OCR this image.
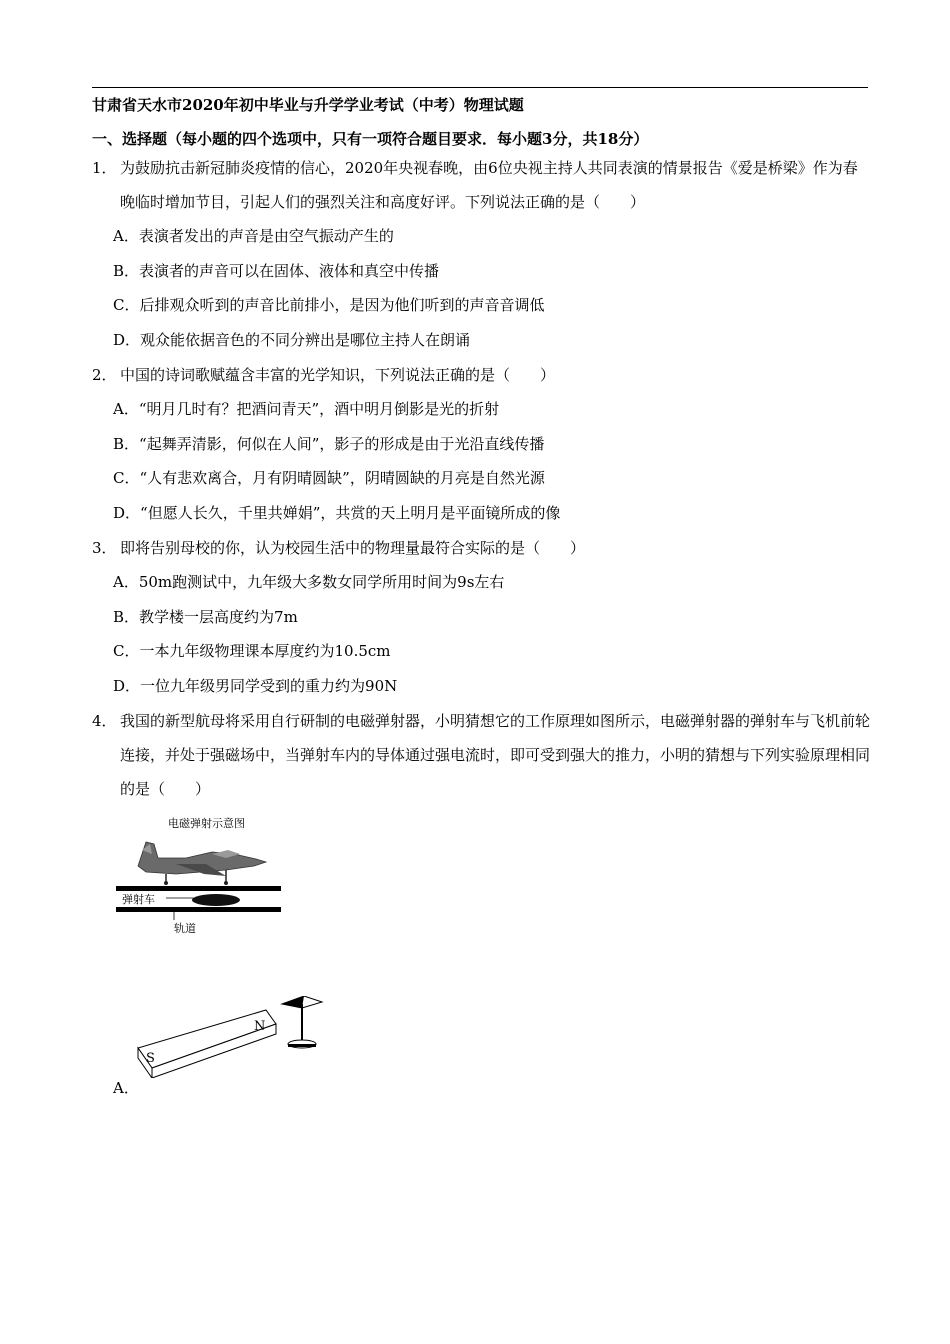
甘肃省天水市2020年初中毕业与升学学业考试（中考）物理试题
一、选择题（每小题的四个选项中，只有一项符合题目要求．每小题3分，共18分）
1． 为鼓励抗击新冠肺炎疫情的信心，2020年央视春晚，由6位央视主持人共同表演的情景报告《爱是桥梁》作为春晚临时增加节目，引起人们的强烈关注和高度好评。下列说法正确的是（　　）
A．表演者发出的声音是由空气振动产生的
B．表演者的声音可以在固体、液体和真空中传播
C．后排观众听到的声音比前排小，是因为他们听到的声音音调低
D．观众能依据音色的不同分辨出是哪位主持人在朗诵
2． 中国的诗词歌赋蕴含丰富的光学知识，下列说法正确的是（　　）
A．“明月几时有？把酒问青天”，酒中明月倒影是光的折射
B．“起舞弄清影，何似在人间”，影子的形成是由于光沿直线传播
C．“人有悲欢离合，月有阴晴圆缺”，阴晴圆缺的月亮是自然光源
D．“但愿人长久，千里共婵娟”，共赏的天上明月是平面镜所成的像
3． 即将告别母校的你，认为校园生活中的物理量最符合实际的是（　　）
A．50m跑测试中，九年级大多数女同学所用时间为9s左右
B．教学楼一层高度约为7m
C．一本九年级物理课本厚度约为10.5cm
D．一位九年级男同学受到的重力约为90N
4． 我国的新型航母将采用自行研制的电磁弹射器，小明猜想它的工作原理如图所示，电磁弹射器的弹射车与飞机前轮连接，并处于强磁场中，当弹射车内的导体通过强电流时，即可受到强大的推力，小明的猜想与下列实验原理相同的是（　　）
电磁弹射示意图
弹射车
轨道
S
N
A．
